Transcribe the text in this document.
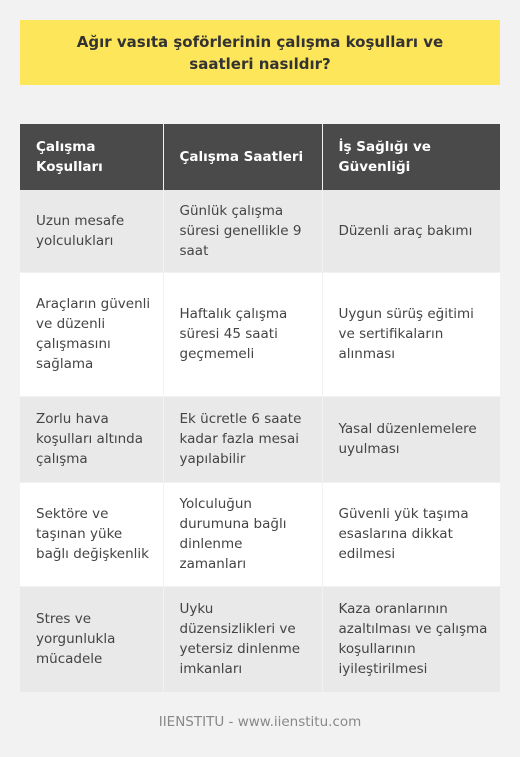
Ağır vasıta şoförlerinin çalışma koşulları ve saatleri nasıldır?
Çalışma Koşulları	Çalışma Saatleri	İş Sağlığı ve Güvenliği
Uzun mesafe yolculukları	Günlük çalışma süresi genellikle 9 saat	Düzenli araç bakımı
Araçların güvenli ve düzenli çalışmasını sağlama	Haftalık çalışma süresi 45 saati geçmemeli	Uygun sürüş eğitimi ve sertifikaların alınması
Zorlu hava koşulları altında çalışma	Ek ücretle 6 saate kadar fazla mesai yapılabilir	Yasal düzenlemelere uyulması
Sektöre ve taşınan yüke bağlı değişkenlik	Yolculuğun durumuna bağlı dinlenme zamanları	Güvenli yük taşıma esaslarına dikkat edilmesi
Stres ve yorgunlukla mücadele	Uyku düzensizlikleri ve yetersiz dinlenme imkanları	Kaza oranlarının azaltılması ve çalışma koşullarının iyileştirilmesi
IIENSTITU - www.iienstitu.com
